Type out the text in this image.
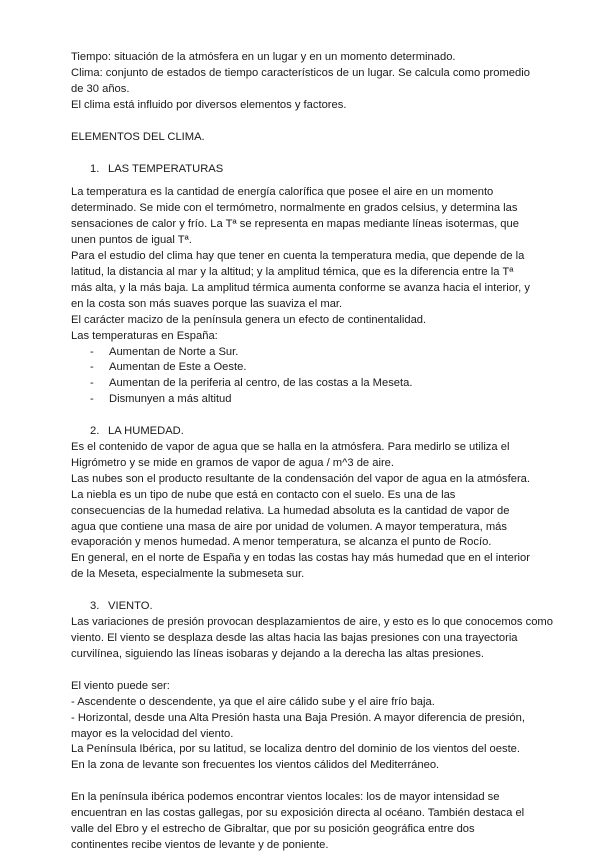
Tiempo: situación de la atmósfera en un lugar y en un momento determinado.
Clima: conjunto de estados de tiempo característicos de un lugar. Se calcula como promedio
de 30 años.
El clima está influido por diversos elementos y factores.
ELEMENTOS DEL CLIMA.
1. LAS TEMPERATURAS
La temperatura es la cantidad de energía calorífica que posee el aire en un momento
determinado. Se mide con el termómetro, normalmente en grados celsius, y determina las
sensaciones de calor y frío. La Tª se representa en mapas mediante líneas isotermas, que
unen puntos de igual Tª.
Para el estudio del clima hay que tener en cuenta la temperatura media, que depende de la
latitud, la distancia al mar y la altitud; y la amplitud témica, que es la diferencia entre la Tª
más alta, y la más baja. La amplitud térmica aumenta conforme se avanza hacia el interior, y
en la costa son más suaves porque las suaviza el mar.
El carácter macizo de la península genera un efecto de continentalidad.
Las temperaturas en España:
- Aumentan de Norte a Sur.
- Aumentan de Este a Oeste.
- Aumentan de la periferia al centro, de las costas a la Meseta.
- Dismunyen a más altitud
2. LA HUMEDAD.
Es el contenido de vapor de agua que se halla en la atmósfera. Para medirlo se utiliza el
Higrómetro y se mide en gramos de vapor de agua / m^3 de aire.
Las nubes son el producto resultante de la condensación del vapor de agua en la atmósfera.
La niebla es un tipo de nube que está en contacto con el suelo. Es una de las
consecuencias de la humedad relativa. La humedad absoluta es la cantidad de vapor de
agua que contiene una masa de aire por unidad de volumen. A mayor temperatura, más
evaporación y menos humedad. A menor temperatura, se alcanza el punto de Rocío.
En general, en el norte de España y en todas las costas hay más humedad que en el interior
de la Meseta, especialmente la submeseta sur.
3. VIENTO.
Las variaciones de presión provocan desplazamientos de aire, y esto es lo que conocemos como
viento. El viento se desplaza desde las altas hacia las bajas presiones con una trayectoria
curvilínea, siguiendo las líneas isobaras y dejando a la derecha las altas presiones.
El viento puede ser:
- Ascendente o descendente, ya que el aire cálido sube y el aire frío baja.
- Horizontal, desde una Alta Presión hasta una Baja Presión. A mayor diferencia de presión,
mayor es la velocidad del viento.
La Península Ibérica, por su latitud, se localiza dentro del dominio de los vientos del oeste.
En la zona de levante son frecuentes los vientos cálidos del Mediterráneo.
En la península ibérica podemos encontrar vientos locales: los de mayor intensidad se
encuentran en las costas gallegas, por su exposición directa al océano. También destaca el
valle del Ebro y el estrecho de Gibraltar, que por su posición geográfica entre dos
continentes recibe vientos de levante y de poniente.
